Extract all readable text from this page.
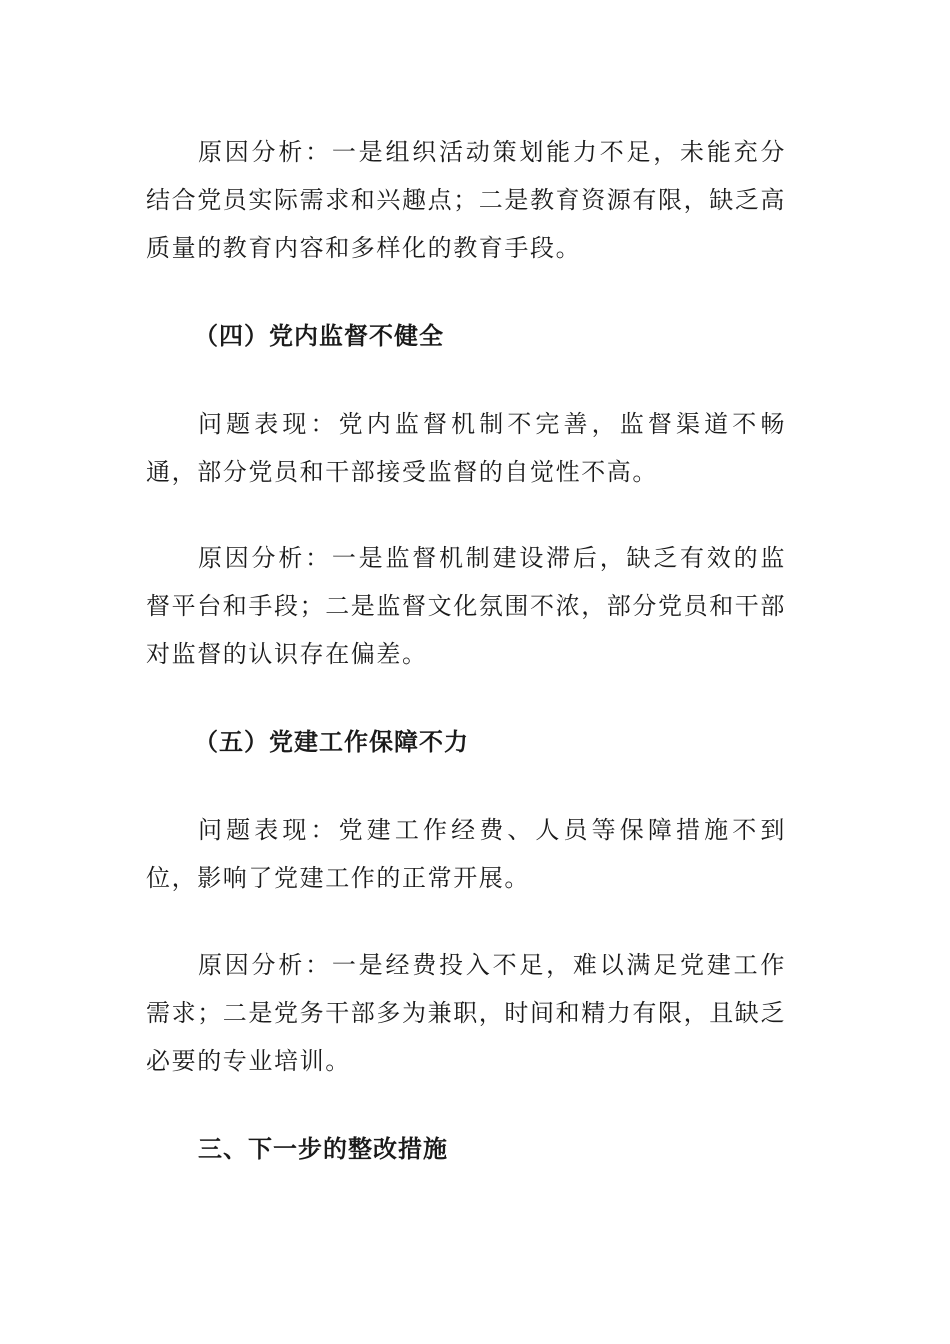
原因分析：一是组织活动策划能力不足，未能充分结合党员实际需求和兴趣点；二是教育资源有限，缺乏高质量的教育内容和多样化的教育手段。

（四）党内监督不健全

问题表现：党内监督机制不完善，监督渠道不畅通，部分党员和干部接受监督的自觉性不高。

原因分析：一是监督机制建设滞后，缺乏有效的监督平台和手段；二是监督文化氛围不浓，部分党员和干部对监督的认识存在偏差。

（五）党建工作保障不力

问题表现：党建工作经费、人员等保障措施不到位，影响了党建工作的正常开展。

原因分析：一是经费投入不足，难以满足党建工作需求；二是党务干部多为兼职，时间和精力有限，且缺乏必要的专业培训。

三、下一步的整改措施
